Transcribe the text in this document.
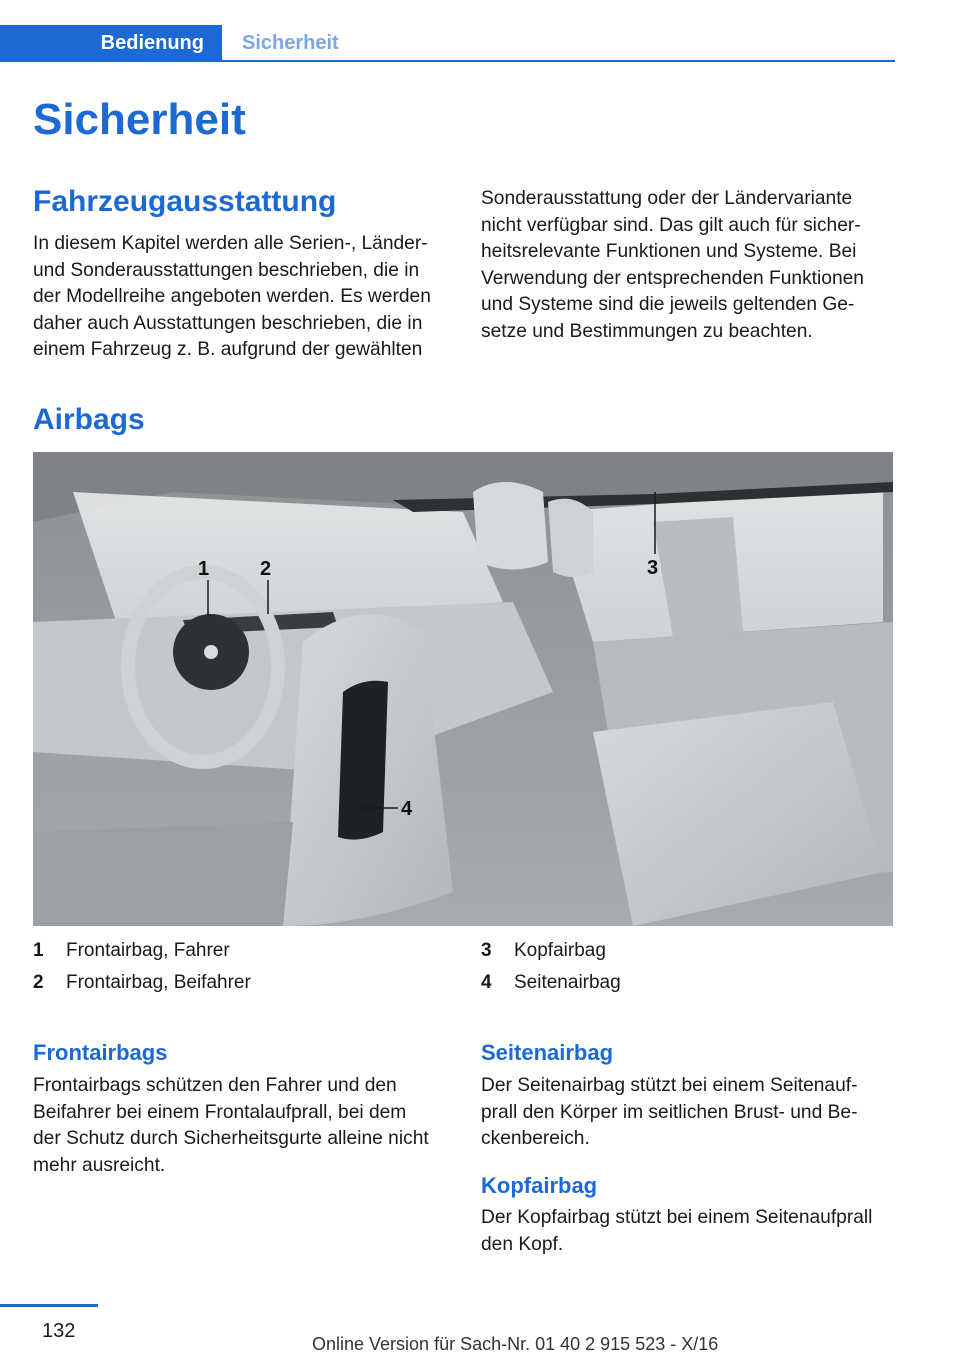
Bedienung	Sicherheit
Sicherheit
Fahrzeugausstattung
In diesem Kapitel werden alle Serien-, Länder-
und Sonderausstattungen beschrieben, die in
der Modellreihe angeboten werden. Es werden
daher auch Ausstattungen beschrieben, die in
einem Fahrzeug z. B. aufgrund der gewählten
Sonderausstattung oder der Ländervariante
nicht verfügbar sind. Das gilt auch für sicher-
heitsrelevante Funktionen und Systeme. Bei
Verwendung der entsprechenden Funktionen
und Systeme sind die jeweils geltenden Ge-
setze und Bestimmungen zu beachten.
Airbags
1	2	3
4
1	Frontairbag, Fahrer
2	Frontairbag, Beifahrer
3	Kopfairbag
4	Seitenairbag
Frontairbags
Frontairbags schützen den Fahrer und den
Beifahrer bei einem Frontalaufprall, bei dem
der Schutz durch Sicherheitsgurte alleine nicht
mehr ausreicht.
Seitenairbag
Der Seitenairbag stützt bei einem Seitenauf-
prall den Körper im seitlichen Brust- und Be-
ckenbereich.
Kopfairbag
Der Kopfairbag stützt bei einem Seitenaufprall
den Kopf.
132
Online Version für Sach-Nr. 01 40 2 915 523 - X/16
